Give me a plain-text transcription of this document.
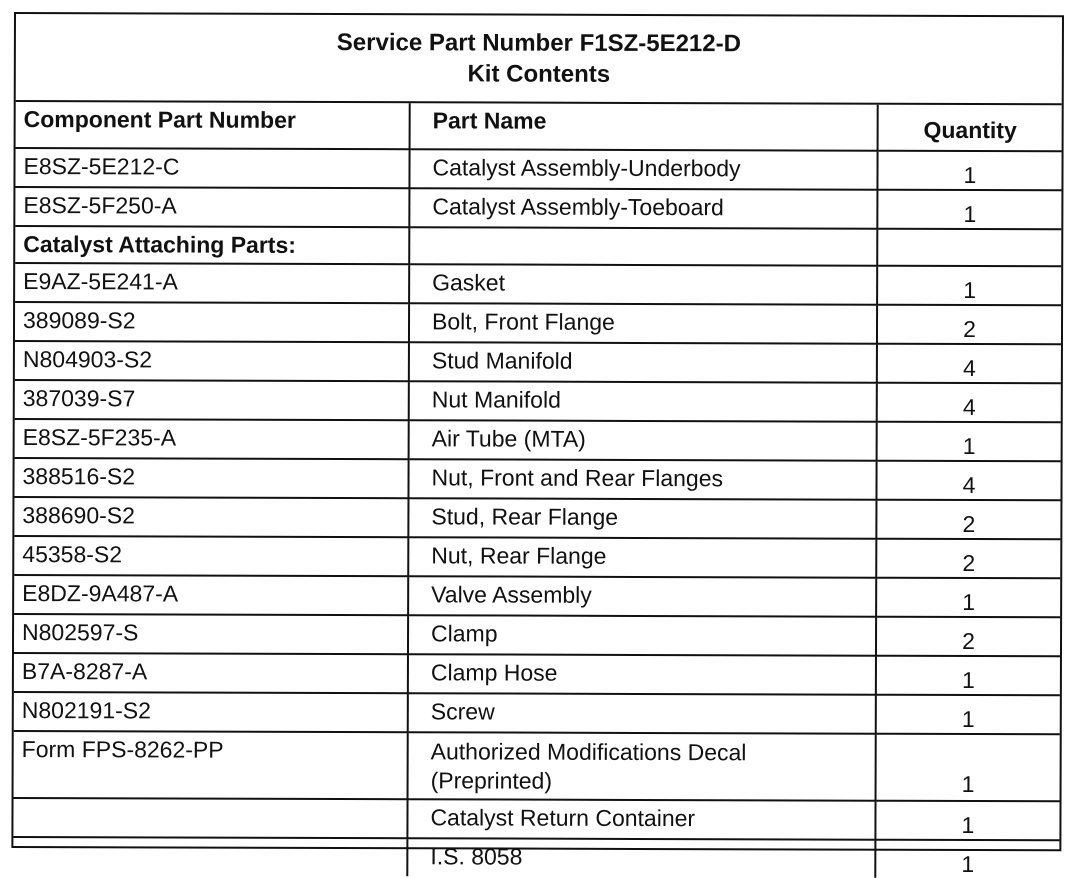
Service Part Number F1SZ-5E212-D
Kit Contents
Component Part Number	Part Name	Quantity
E8SZ-5E212-C	Catalyst Assembly-Underbody	1
E8SZ-5F250-A	Catalyst Assembly-Toeboard	1
Catalyst Attaching Parts:		
E9AZ-5E241-A	Gasket	1
389089-S2	Bolt, Front Flange	2
N804903-S2	Stud Manifold	4
387039-S7	Nut Manifold	4
E8SZ-5F235-A	Air Tube (MTA)	1
388516-S2	Nut, Front and Rear Flanges	4
388690-S2	Stud, Rear Flange	2
45358-S2	Nut, Rear Flange	2
E8DZ-9A487-A	Valve Assembly	1
N802597-S	Clamp	2
B7A-8287-A	Clamp Hose	1
N802191-S2	Screw	1
Form FPS-8262-PP	Authorized Modifications Decal (Preprinted)	1
	Catalyst Return Container	1
	I.S. 8058	1
